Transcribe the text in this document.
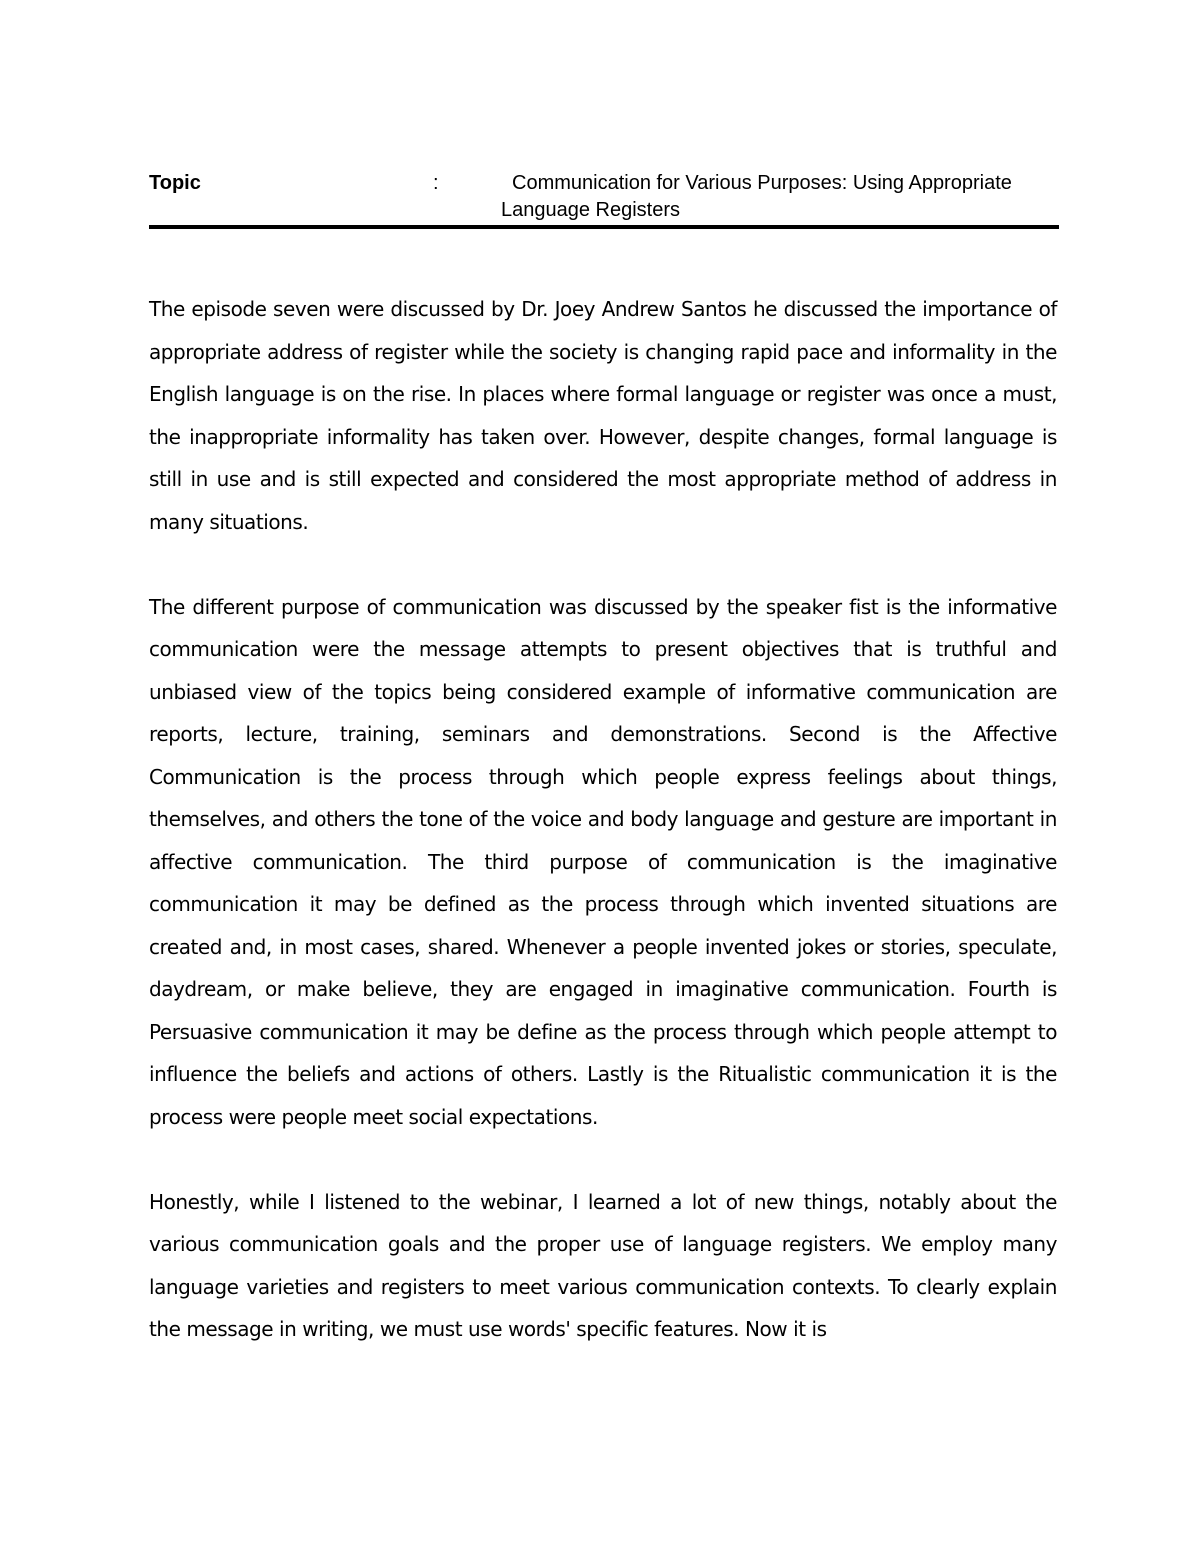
Topic	:	Communication for Various Purposes: Using Appropriate Language Registers

The episode seven were discussed by Dr. Joey Andrew Santos he discussed the importance of appropriate address of register while the society is changing rapid pace and informality in the English language is on the rise. In places where formal language or register was once a must, the inappropriate informality has taken over. However, despite changes, formal language is still in use and is still expected and considered the most appropriate method of address in many situations.

The different purpose of communication was discussed by the speaker fist is the informative communication were the message attempts to present objectives that is truthful and unbiased view of the topics being considered example of informative communication are reports, lecture, training, seminars and demonstrations. Second is the Affective Communication is the process through which people express feelings about things, themselves, and others the tone of the voice and body language and gesture are important in affective communication. The third purpose of communication is the imaginative communication it may be defined as the process through which invented situations are created and, in most cases, shared. Whenever a people invented jokes or stories, speculate, daydream, or make believe, they are engaged in imaginative communication. Fourth is Persuasive communication it may be define as the process through which people attempt to influence the beliefs and actions of others. Lastly is the Ritualistic communication it is the process were people meet social expectations.

Honestly, while I listened to the webinar, I learned a lot of new things, notably about the various communication goals and the proper use of language registers. We employ many language varieties and registers to meet various communication contexts. To clearly explain the message in writing, we must use words' specific features. Now it is
